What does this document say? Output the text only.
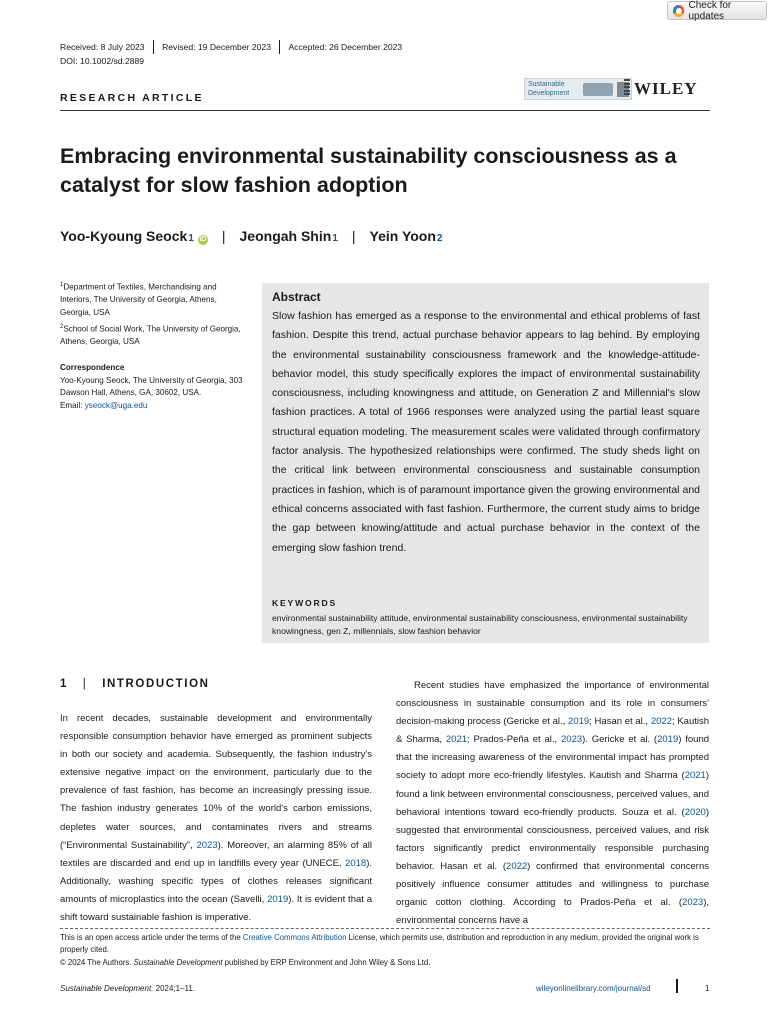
Check for updates
Received: 8 July 2023 Revised: 19 December 2023 Accepted: 26 December 2023
DOI: 10.1002/sd.2889
RESEARCH ARTICLE
Sustainable
Development	WILEY
Embracing environmental sustainability consciousness as a catalyst for slow fashion adoption
Yoo-Kyoung Seock 1 iD | Jeongah Shin 1 | Yein Yoon 2
$^1$Department of Textiles, Merchandising and Interiors, The University of Georgia, Athens, Georgia, USA
$^2$School of Social Work, The University of Georgia, Athens, Georgia, USA
Correspondence
Yoo-Kyoung Seock, The University of Georgia, 303 Dawson Hall, Athens, GA, 30602, USA.
Email: yseock@uga.edu
Abstract

Slow fashion has emerged as a response to the environmental and ethical problems of fast fashion. Despite this trend, actual purchase behavior appears to lag behind. By employing the environmental sustainability consciousness framework and the knowledge-attitude-behavior model, this study specifically explores the impact of environmental sustainability consciousness, including knowingness and attitude, on Generation Z and Millennial's slow fashion practices. A total of 1966 responses were analyzed using the partial least square structural equation modeling. The measurement scales were validated through confirmatory factor analysis. The hypothesized relationships were confirmed. The study sheds light on the critical link between environmental consciousness and sustainable consumption practices in fashion, which is of paramount importance given the growing environmental and ethical concerns associated with fast fashion. Furthermore, the current study aims to bridge the gap between knowing/attitude and actual purchase behavior in the context of the emerging slow fashion trend.

KEYWORDS
environmental sustainability attitude, environmental sustainability consciousness, environmental sustainability knowingness, gen Z, millennials, slow fashion behavior
1 | INTRODUCTION

In recent decades, sustainable development and environmentally responsible consumption behavior have emerged as prominent subjects in both our society and academia. Subsequently, the fashion industry's extensive negative impact on the environment, particularly due to the prevalence of fast fashion, has become an increasingly pressing issue. The fashion industry generates 10% of the world's carbon emissions, depletes water sources, and contaminates rivers and streams (“Environmental Sustainability”, 2023). Moreover, an alarming 85% of all textiles are discarded and end up in landfills every year (UNECE, 2018). Additionally, washing specific types of clothes releases significant amounts of microplastics into the ocean (Savelli, 2019). It is evident that a shift toward sustainable fashion is imperative.

Recent studies have emphasized the importance of environmental consciousness in sustainable consumption and its role in consumers' decision-making process (Gericke et al., 2019; Hasan et al., 2022; Kautish & Sharma, 2021; Prados-Peña et al., 2023). Gericke et al. (2019) found that the increasing awareness of the environmental impact has prompted society to adopt more eco-friendly lifestyles. Kautish and Sharma (2021) found a link between environmental consciousness, perceived values, and behavioral intentions toward eco-friendly products. Souza et al. (2020) suggested that environmental consciousness, perceived values, and risk factors significantly predict environmentally responsible purchasing behavior. Hasan et al. (2022) confirmed that environmental concerns positively influence consumer attitudes and willingness to purchase organic cotton clothing. According to Prados-Peña et al. (2023), environmental concerns have a

This is an open access article under the terms of the Creative Commons Attribution License, which permits use, distribution and reproduction in any medium, provided the original work is properly cited.
© 2024 The Authors. Sustainable Development published by ERP Environment and John Wiley & Sons Ltd.
Sustainable Development. 2024;1–11.	wileyonlinelibrary.com/journal/sd	1
